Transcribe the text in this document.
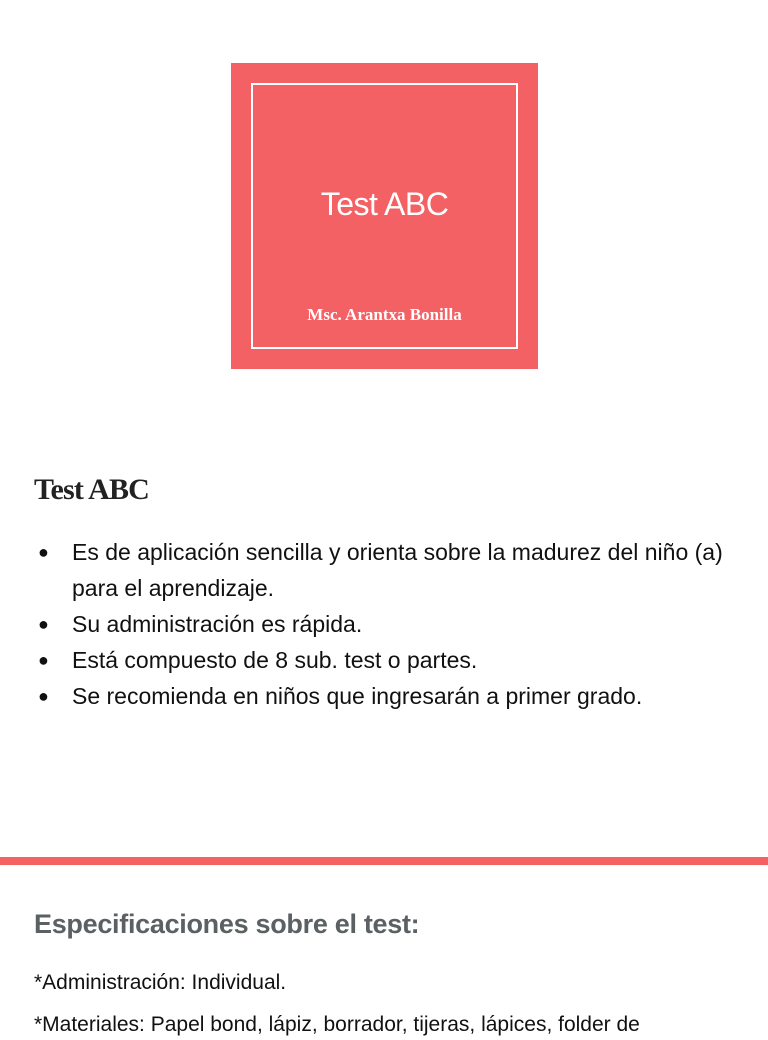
Test ABC
Msc. Arantxa Bonilla
Test ABC
● Es de aplicación sencilla y orienta sobre la madurez del niño (a) para el aprendizaje.
● Su administración es rápida.
● Está compuesto de 8 sub. test o partes.
● Se recomienda en niños que ingresarán a primer grado.
Especificaciones sobre el test:
*Administración: Individual.
*Materiales: Papel bond, lápiz, borrador, tijeras, lápices, folder de
